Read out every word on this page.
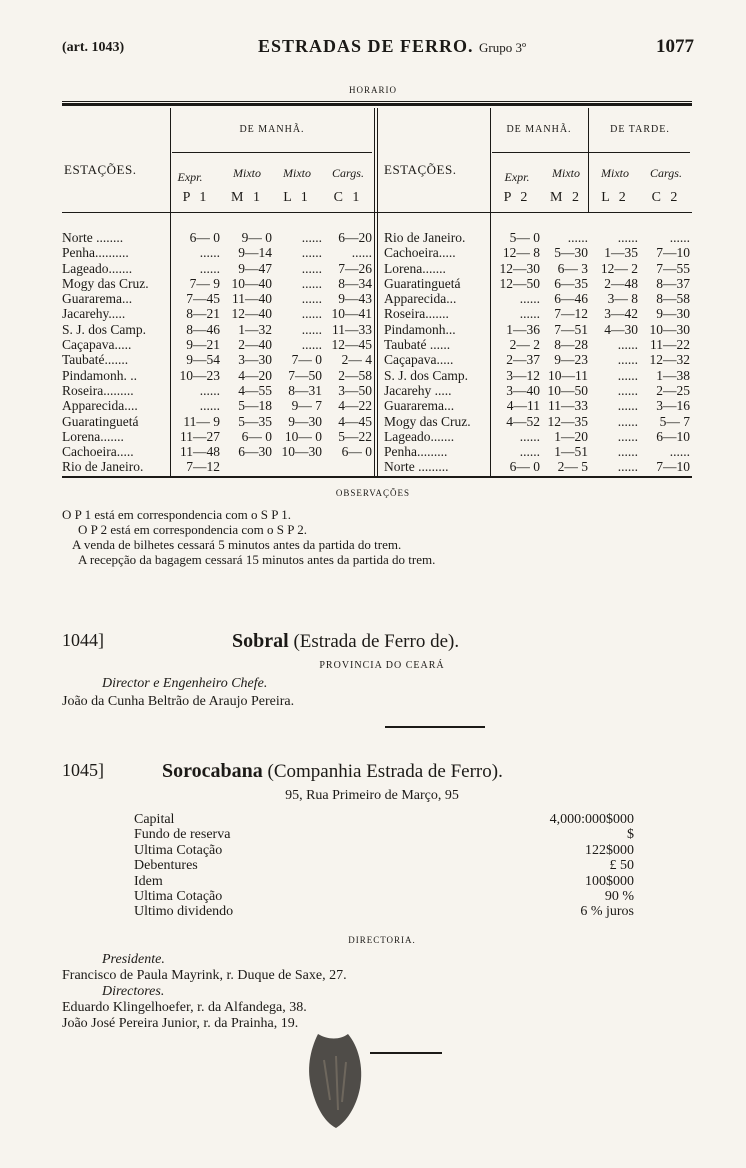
(art. 1043)	ESTRADAS DE FERRO. Grupo 3º	1077
HORARIO
DE MANHÃ.	DE MANHÃ.	DE TARDE.
ESTAÇÕES.	ESTAÇÕES.
Expr.	Mixto	Mixto	Cargs.
P 1	M 1	L 1	C 1
Expr.	Mixto	Mixto	Cargs.
P 2	M 2	L 2	C 2
Norte ........	6— 0	9— 0	......	6—20
Penha..........	......	9—14	......	......
Lageado.......	......	9—47	......	7—26
Mogy das Cruz.	7— 9 10—40	......	8—34
Guararema...	7—45 11—40	......	9—43
Jacarehy.....	8—21 12—40	...... 10—41
S. J. dos Camp.	8—46	1—32	...... 11—33
Caçapava.....	9—21	2—40	...... 12—45
Taubaté.......	9—54	3—30	7— 0	2— 4
Pindamonh. ..	10—23	4—20	7—50	2—58
Roseira.........	......	4—55	8—31	3—50
Apparecida....	......	5—18	9— 7	4—22
Guaratinguetá	11— 9	5—35	9—30	4—45
Lorena.......	11—27	6— 0 10— 0	5—22
Cachoeira.....	11—48	6—30 10—30	6— 0
Rio de Janeiro.	7—12
Rio de Janeiro.	5— 0	......	......	......
Cachoeira.....	12— 8	5—30	1—35	7—10
Lorena.......	12—30	6— 3 12— 2	7—55
Guaratinguetá	12—50	6—35	2—48	8—37
Apparecida...	......	6—46	3— 8	8—58
Roseira.......	......	7—12	3—42	9—30
Pindamonh...	1—36	7—51	4—30 10—30
Taubaté ......	2— 2	8—28	...... 11—22
Caçapava.....	2—37	9—23	...... 12—32
S. J. dos Camp.	3—12 10—11	......	1—38
Jacarehy .....	3—40 10—50	......	2—25
Guararema...	4—11 11—33	......	3—16
Mogy das Cruz.	4—52 12—35	......	5— 7
Lageado.......	......	1—20	......	6—10
Penha.........	......	1—51	......	......
Norte .........	6— 0	2— 5	......	7—10
OBSERVAÇÕES
O P 1 está em correspondencia com o S P 1.
O P 2 está em correspondencia com o S P 2.
A venda de bilhetes cessará 5 minutos antes da partida do trem.
A recepção da bagagem cessará 15 minutos antes da partida do trem.
1044]	Sobral (Estrada de Ferro de).
PROVINCIA DO CEARÁ
Director e Engenheiro Chefe.
João da Cunha Beltrão de Araujo Pereira.
1045]	Sorocabana (Companhia Estrada de Ferro).
95, Rua Primeiro de Março, 95
Capital	4,000:000$000
Fundo de reserva	$
Ultima Cotação	122$000
Debentures	£ 50
Idem	100$000
Ultima Cotação	90 %
Ultimo dividendo	6 % juros
DIRECTORIA.
Presidente.
Francisco de Paula Mayrink, r. Duque de Saxe, 27.
Directores.
Eduardo Klingelhoefer, r. da Alfandega, 38.
João José Pereira Junior, r. da Prainha, 19.
